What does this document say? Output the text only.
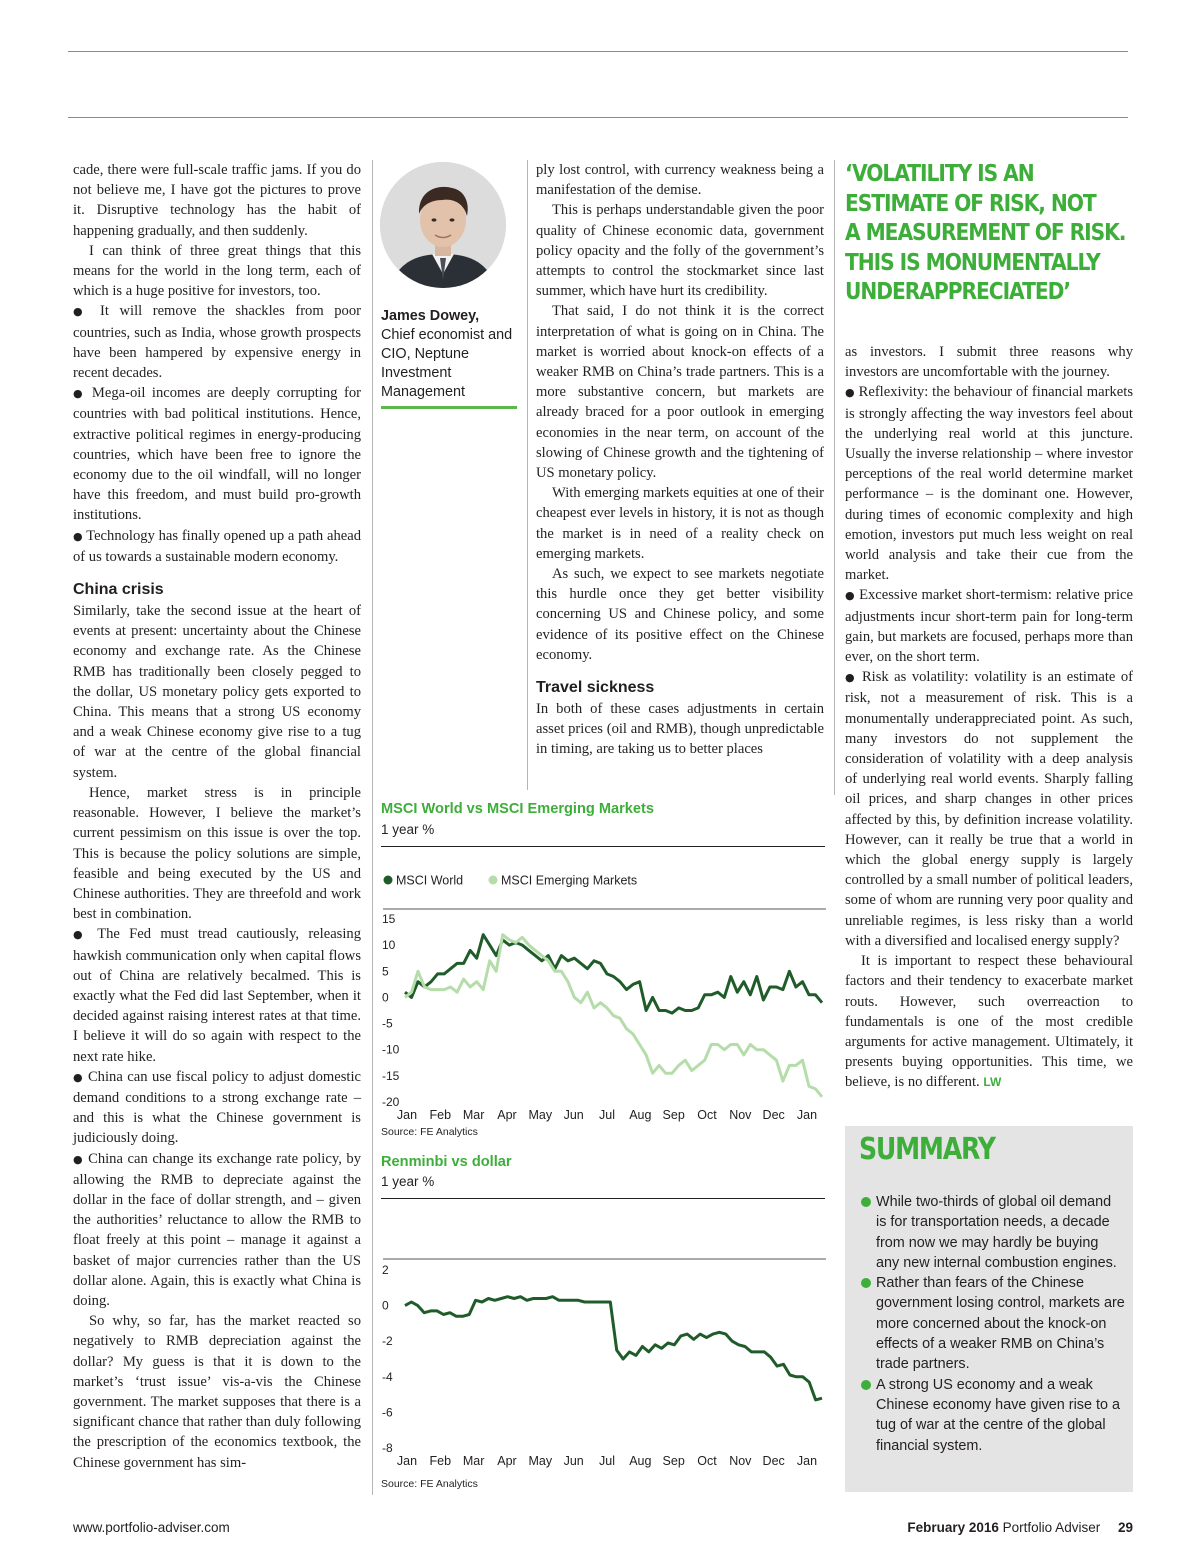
cade, there were full-scale traffic jams. If you do not believe me, I have got the pictures to prove it. Disruptive technology has the habit of happening gradually, and then suddenly.

I can think of three great things that this means for the world in the long term, each of which is a huge positive for investors, too.

● It will remove the shackles from poor countries, such as India, whose growth prospects have been hampered by expensive energy in recent decades.

● Mega-oil incomes are deeply corrupting for countries with bad political institutions. Hence, extractive political regimes in energy-producing countries, which have been free to ignore the economy due to the oil windfall, will no longer have this freedom, and must build pro-growth institutions.

● Technology has finally opened up a path ahead of us towards a sustainable modern economy.

China crisis

Similarly, take the second issue at the heart of events at present: uncertainty about the Chinese economy and exchange rate. As the Chinese RMB has traditionally been closely pegged to the dollar, US monetary policy gets exported to China. This means that a strong US economy and a weak Chinese economy give rise to a tug of war at the centre of the global financial system.

Hence, market stress is in principle reasonable. However, I believe the market’s current pessimism on this issue is over the top. This is because the policy solutions are simple, feasible and being executed by the US and Chinese authorities. They are threefold and work best in combination.

● The Fed must tread cautiously, releasing hawkish communication only when capital flows out of China are relatively becalmed. This is exactly what the Fed did last September, when it decided against raising interest rates at that time. I believe it will do so again with respect to the next rate hike.

● China can use fiscal policy to adjust domestic demand conditions to a strong exchange rate – and this is what the Chinese government is judiciously doing.

● China can change its exchange rate policy, by allowing the RMB to depreciate against the dollar in the face of dollar strength, and – given the authorities’ reluctance to allow the RMB to float freely at this point – manage it against a basket of major currencies rather than the US dollar alone. Again, this is exactly what China is doing.

So why, so far, has the market reacted so negatively to RMB depreciation against the dollar? My guess is that it is down to the market’s ‘trust issue’ vis-a-vis the Chinese government. The market supposes that there is a significant chance that rather than duly following the prescription of the economics textbook, the Chinese government has sim-

James Dowey,
Chief economist and CIO, Neptune Investment Management

ply lost control, with currency weakness being a manifestation of the demise.

This is perhaps understandable given the poor quality of Chinese economic data, government policy opacity and the folly of the government’s attempts to control the stockmarket since last summer, which have hurt its credibility.

That said, I do not think it is the correct interpretation of what is going on in China. The market is worried about knock-on effects of a weaker RMB on China’s trade partners. This is a more substantive concern, but markets are already braced for a poor outlook in emerging economies in the near term, on account of the slowing of Chinese growth and the tightening of US monetary policy.

With emerging markets equities at one of their cheapest ever levels in history, it is not as though the market is in need of a reality check on emerging markets.

As such, we expect to see markets negotiate this hurdle once they get better visibility concerning US and Chinese policy, and some evidence of its positive effect on the Chinese economy.

Travel sickness

In both of these cases adjustments in certain asset prices (oil and RMB), though unpredictable in timing, are taking us to better places

‘VOLATILITY IS AN
ESTIMATE OF RISK, NOT
A MEASUREMENT OF RISK.
THIS IS MONUMENTALLY
UNDERAPPRECIATED’

as investors. I submit three reasons why investors are uncomfortable with the journey.

● Reflexivity: the behaviour of financial markets is strongly affecting the way investors feel about the underlying real world at this juncture. Usually the inverse relationship – where investor perceptions of the real world determine market performance – is the dominant one. However, during times of economic complexity and high emotion, investors put much less weight on real world analysis and take their cue from the market.

● Excessive market short-termism: relative price adjustments incur short-term pain for long-term gain, but markets are focused, perhaps more than ever, on the short term.

● Risk as volatility: volatility is an estimate of risk, not a measurement of risk. This is a monumentally underappreciated point. As such, many investors do not supplement the consideration of volatility with a deep analysis of underlying real world events. Sharply falling oil prices, and sharp changes in other prices affected by this, by definition increase volatility. However, can it really be true that a world in which the global energy supply is largely controlled by a small number of political leaders, some of whom are running very poor quality and unreliable regimes, is less risky than a world with a diversified and localised energy supply?

It is important to respect these behavioural factors and their tendency to exacerbate market routs. However, such overreaction to fundamentals is one of the most credible arguments for active management. Ultimately, it presents buying opportunities. This time, we believe, is no different. LW

MSCI World vs MSCI Emerging Markets
1 year %
MSCI World	MSCI Emerging Markets
15
10
5
0
-5
-10
-15
-20
Jan Feb Mar Apr May Jun Jul Aug Sep Oct Nov Dec Jan
Source: FE Analytics
Renminbi vs dollar
1 year %
2
0
-2
-4
-6
-8
Jan Feb Mar Apr May Jun Jul Aug Sep Oct Nov Dec Jan
Source: FE Analytics
SUMMARY
While two-thirds of global oil demand is for transportation needs, a decade from now we may hardly be buying any new internal combustion engines.
Rather than fears of the Chinese government losing control, markets are more concerned about the knock-on effects of a weaker RMB on China’s trade partners.
A strong US economy and a weak Chinese economy have given rise to a tug of war at the centre of the global financial system.
www.portfolio-adviser.com	February 2016 Portfolio Adviser 29
